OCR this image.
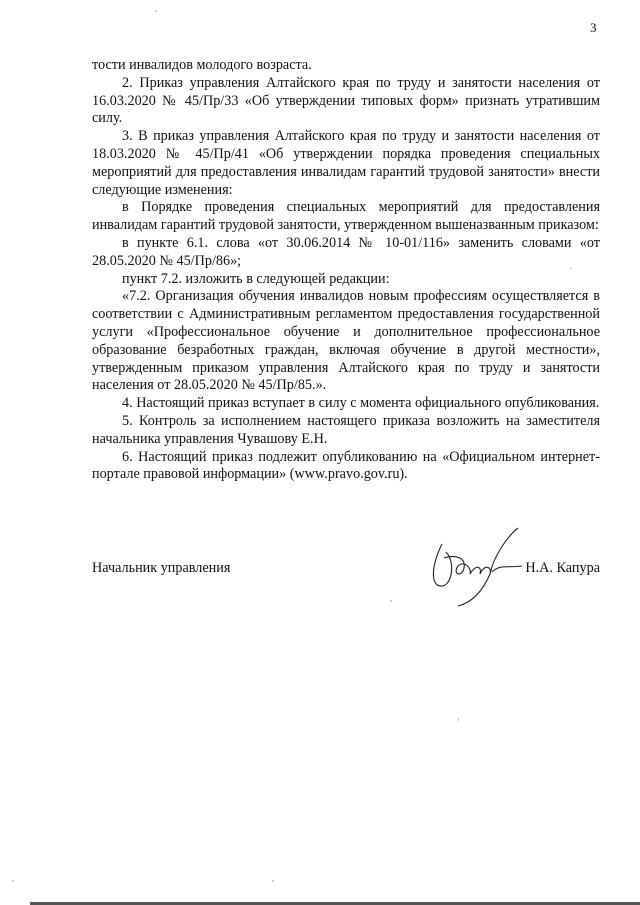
3

тости инвалидов молодого возраста.

2. Приказ управления Алтайского края по труду и занятости населения от 16.03.2020 № 45/Пр/33 «Об утверждении типовых форм» признать утратившим силу.

3. В приказ управления Алтайского края по труду и занятости населения от 18.03.2020 № 45/Пр/41 «Об утверждении порядка проведения специальных мероприятий для предоставления инвалидам гарантий трудовой занятости» внести следующие изменения:

в Порядке проведения специальных мероприятий для предоставления инвалидам гарантий трудовой занятости, утвержденном вышеназванным приказом:

в пункте 6.1. слова «от 30.06.2014 № 10-01/116» заменить словами «от 28.05.2020 № 45/Пр/86»;

пункт 7.2. изложить в следующей редакции:

«7.2. Организация обучения инвалидов новым профессиям осуществляется в соответствии с Административным регламентом предоставления государственной услуги «Профессиональное обучение и дополнительное профессиональное образование безработных граждан, включая обучение в другой местности», утвержденным приказом управления Алтайского края по труду и занятости населения от 28.05.2020 № 45/Пр/85.».

4. Настоящий приказ вступает в силу с момента официального опубликования.

5. Контроль за исполнением настоящего приказа возложить на заместителя начальника управления Чувашову Е.Н.

6. Настоящий приказ подлежит опубликованию на «Официальном интернет-портале правовой информации» (www.pravo.gov.ru).

Начальник управления	Н.А. Капура
